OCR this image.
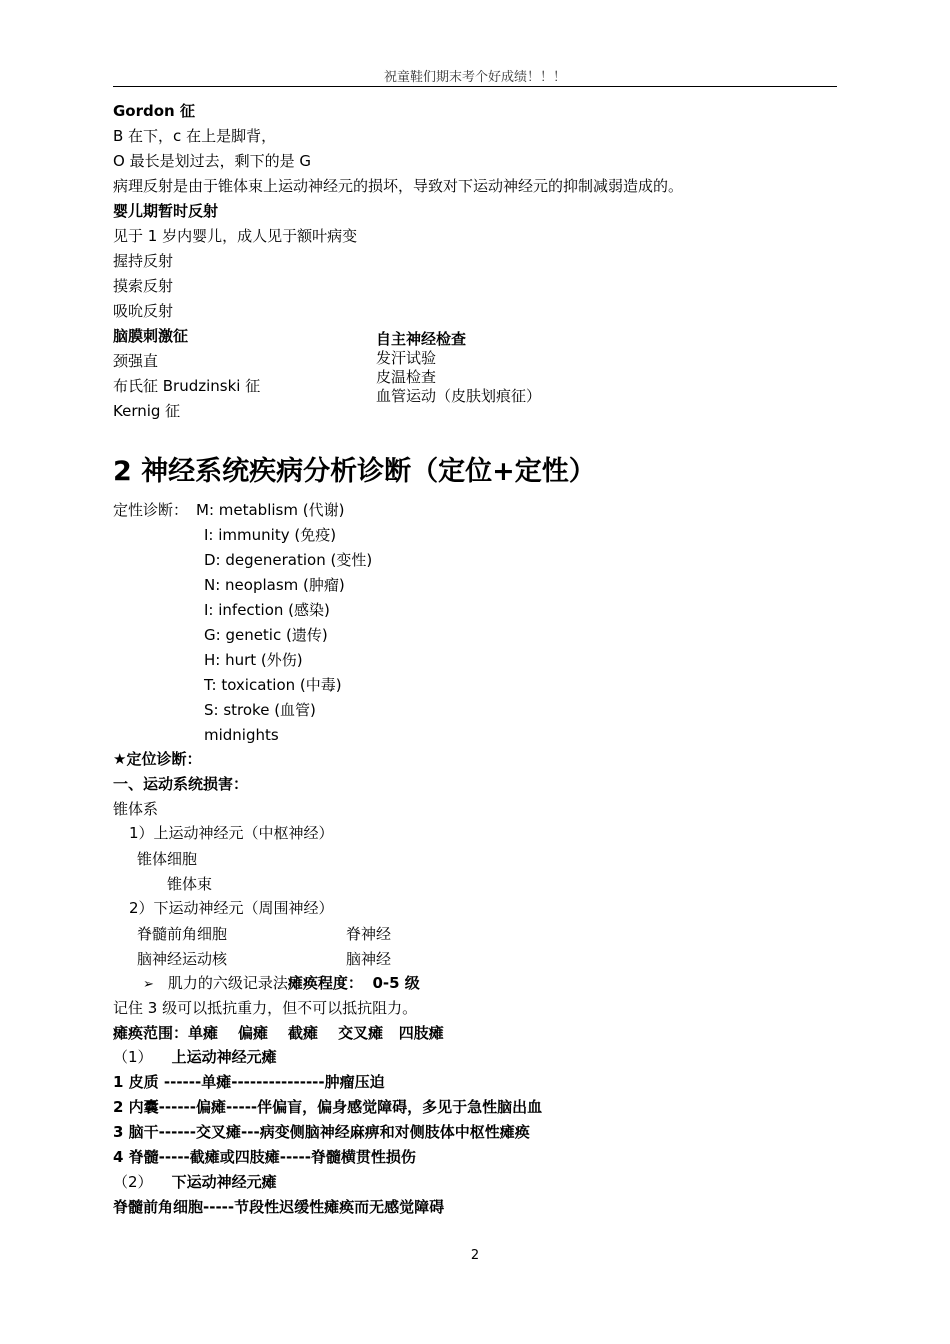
祝童鞋们期末考个好成绩！！！
Gordon 征
B 在下，c 在上是脚背，
O 最长是划过去，剩下的是 G
病理反射是由于锥体束上运动神经元的损坏，导致对下运动神经元的抑制减弱造成的。
婴儿期暂时反射
见于 1 岁内婴儿，成人见于额叶病变
握持反射
摸索反射
吸吮反射
脑膜刺激征
颈强直
布氏征 Brudzinski 征
Kernig 征
自主神经检查
发汗试验
皮温检查
血管运动（皮肤划痕征）
2 神经系统疾病分析诊断（定位+定性）
定性诊断： M: metablism (代谢)
I: immunity (免疫)
D: degeneration (变性)
N: neoplasm (肿瘤)
I: infection (感染)
G: genetic (遗传)
H: hurt (外伤)
T: toxication (中毒)
S: stroke (血管)
midnights
★定位诊断：
一、运动系统损害：
锥体系
1）上运动神经元（中枢神经）
锥体细胞
锥体束
2）下运动神经元（周围神经）
脊髓前角细胞	脊神经
脑神经运动核	脑神经
➢ 肌力的六级记录法瘫痪程度： 0-5 级
记住 3 级可以抵抗重力，但不可以抵抗阻力。
瘫痪范围：单瘫 偏瘫 截瘫 交叉瘫 四肢瘫
（1） 上运动神经元瘫
1 皮质 ------单瘫---------------肿瘤压迫
2 内囊------偏瘫-----伴偏盲，偏身感觉障碍，多见于急性脑出血
3 脑干------交叉瘫---病变侧脑神经麻痹和对侧肢体中枢性瘫痪
4 脊髓-----截瘫或四肢瘫-----脊髓横贯性损伤
（2） 下运动神经元瘫
脊髓前角细胞-----节段性迟缓性瘫痪而无感觉障碍
2
